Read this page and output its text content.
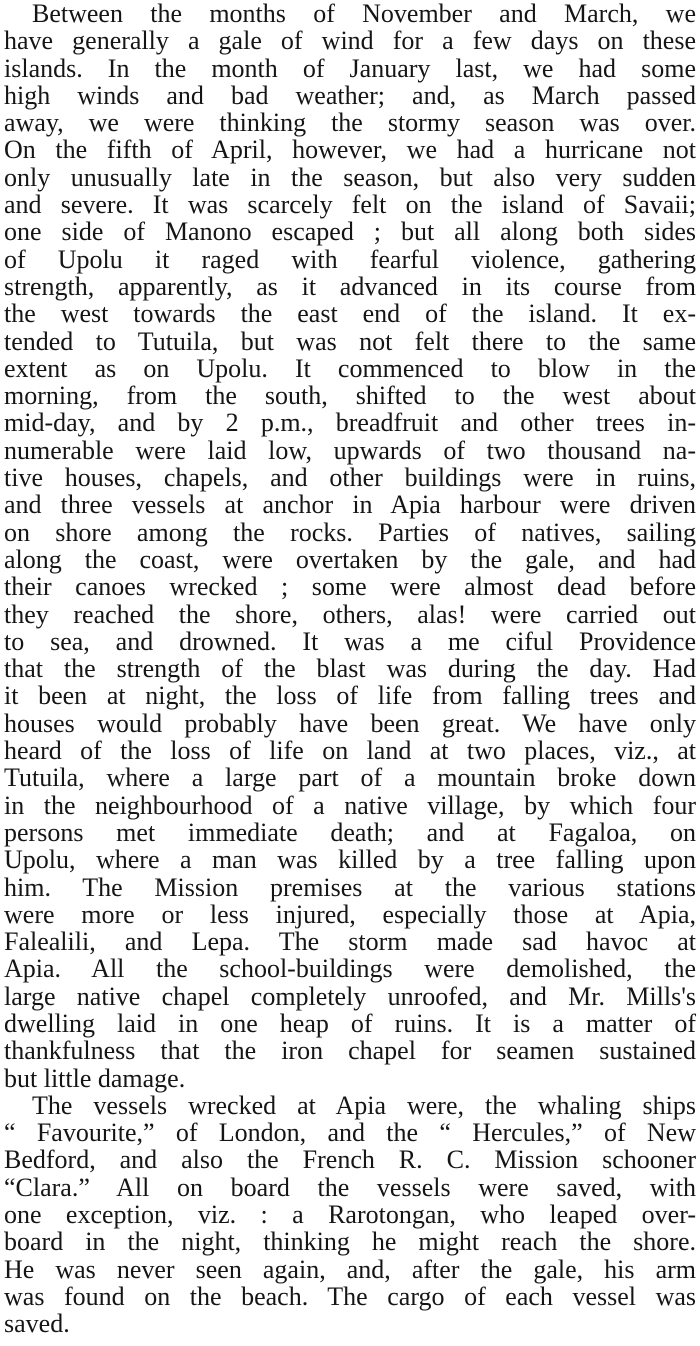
Between the months of November and March, we
have generally a gale of wind for a few days on these
islands. In the month of January last, we had some
high winds and bad weather; and, as March passed
away, we were thinking the stormy season was over.
On the fifth of April, however, we had a hurricane not
only unusually late in the season, but also very sudden
and severe. It was scarcely felt on the island of Savaii;
one side of Manono escaped ; but all along both sides
of Upolu it raged with fearful violence, gathering
strength, apparently, as it advanced in its course from
the west towards the east end of the island. It ex-
tended to Tutuila, but was not felt there to the same
extent as on Upolu. It commenced to blow in the
morning, from the south, shifted to the west about
mid-day, and by 2 p.m., breadfruit and other trees in-
numerable were laid low, upwards of two thousand na-
tive houses, chapels, and other buildings were in ruins,
and three vessels at anchor in Apia harbour were driven
on shore among the rocks. Parties of natives, sailing
along the coast, were overtaken by the gale, and had
their canoes wrecked ; some were almost dead before
they reached the shore, others, alas! were carried out
to sea, and drowned. It was a me ciful Providence
that the strength of the blast was during the day. Had
it been at night, the loss of life from falling trees and
houses would probably have been great. We have only
heard of the loss of life on land at two places, viz., at
Tutuila, where a large part of a mountain broke down
in the neighbourhood of a native village, by which four
persons met immediate death; and at Fagaloa, on
Upolu, where a man was killed by a tree falling upon
him. The Mission premises at the various stations
were more or less injured, especially those at Apia,
Falealili, and Lepa. The storm made sad havoc at
Apia. All the school-buildings were demolished, the
large native chapel completely unroofed, and Mr. Mills's
dwelling laid in one heap of ruins. It is a matter of
thankfulness that the iron chapel for seamen sustained
but little damage.
The vessels wrecked at Apia were, the whaling ships
“ Favourite,” of London, and the “ Hercules,” of New
Bedford, and also the French R. C. Mission schooner
“Clara.” All on board the vessels were saved, with
one exception, viz. : a Rarotongan, who leaped over-
board in the night, thinking he might reach the shore.
He was never seen again, and, after the gale, his arm
was found on the beach. The cargo of each vessel was
saved.
